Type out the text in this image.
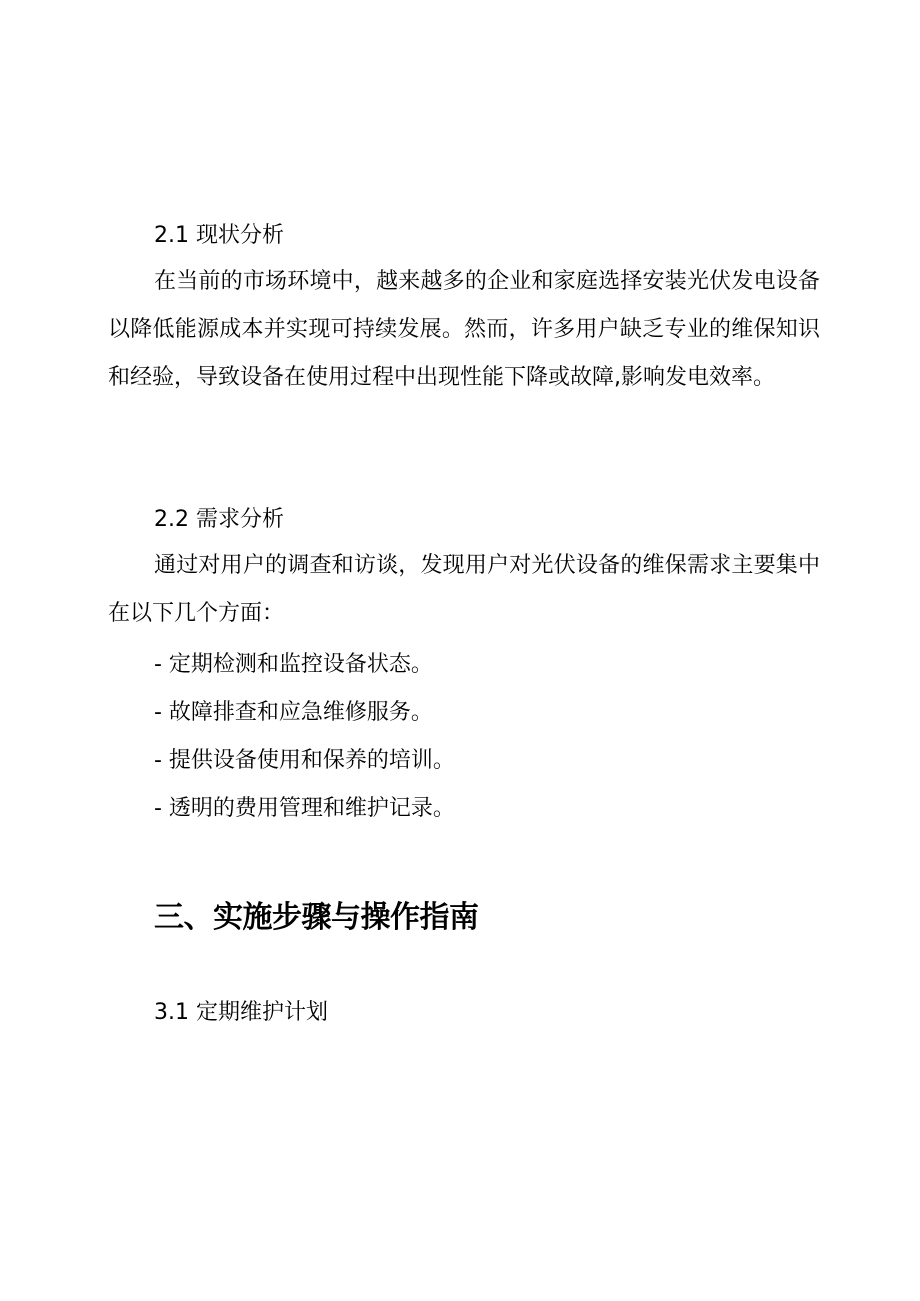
2.1 现状分析
在当前的市场环境中，越来越多的企业和家庭选择安装光伏发电设备以降低能源成本并实现可持续发展。然而，许多用户缺乏专业的维保知识和经验，导致设备在使用过程中出现性能下降或故障,影响发电效率。
2.2 需求分析
通过对用户的调查和访谈，发现用户对光伏设备的维保需求主要集中在以下几个方面：
- 定期检测和监控设备状态。
- 故障排查和应急维修服务。
- 提供设备使用和保养的培训。
- 透明的费用管理和维护记录。
三、实施步骤与操作指南
3.1 定期维护计划
